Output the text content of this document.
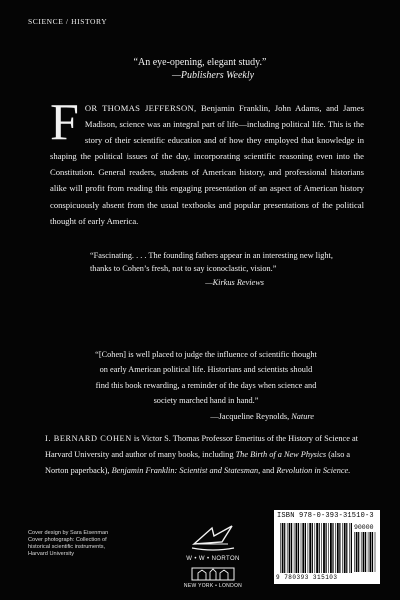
SCIENCE / HISTORY
“An eye-opening, elegant study.”
—Publishers Weekly
F OR THOMAS JEFFERSON, Benjamin Franklin, John Adams, and James Madison, science was an integral part of life—including political life. This is the story of their scientific education and of how they employed that knowledge in shaping the political issues of the day, incorporating scientific reasoning even into the Constitution. General readers, students of American history, and professional historians alike will profit from reading this engaging presentation of an aspect of American history conspicuously absent from the usual textbooks and popular presentations of the political thought of early America.
“Fascinating. . . . The founding fathers appear in an interesting new light, thanks to Cohen’s fresh, not to say iconoclastic, vision.”
—Kirkus Reviews
“[Cohen] is well placed to judge the influence of scientific thought on early American political life. Historians and scientists should find this book rewarding, a reminder of the days when science and society marched hand in hand.”
—Jacqueline Reynolds, Nature
I. BERNARD COHEN is Victor S. Thomas Professor Emeritus of the History of Science at Harvard University and author of many books, including The Birth of a New Physics (also a Norton paperback), Benjamin Franklin: Scientist and Statesman, and Revolution in Science.
Cover design by Sara Eisenman
Cover photograph: Collection of
historical scientific instruments,
Harvard University
W • W • NORTON
NEW YORK • LONDON
ISBN 978-0-393-31510-3
90000
9 780393 315103
